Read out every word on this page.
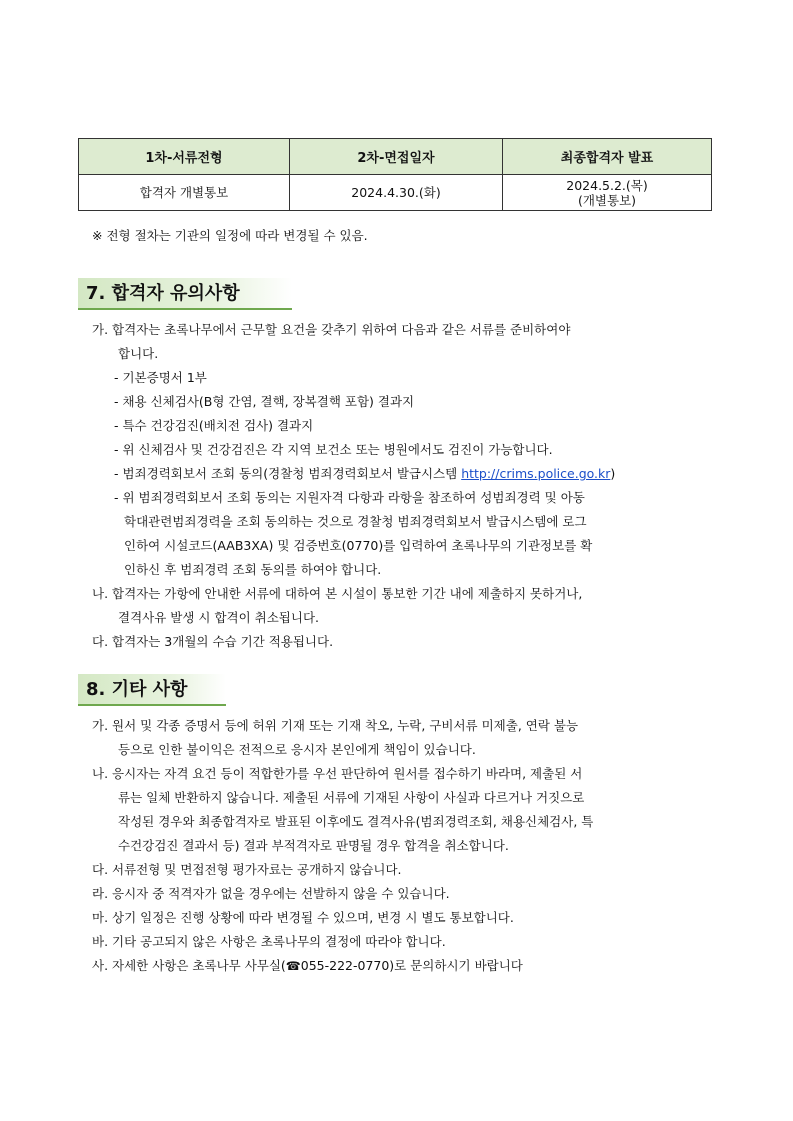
1차-서류전형	2차-면접일자	최종합격자 발표
합격자 개별통보	2024.4.30.(화)	2024.5.2.(목)
(개별통보)
※ 전형 절차는 기관의 일정에 따라 변경될 수 있음.
7. 합격자 유의사항
가. 합격자는 초록나무에서 근무할 요건을 갖추기 위하여 다음과 같은 서류를 준비하여야
합니다.
- 기본증명서 1부
- 채용 신체검사(B형 간염, 결핵, 장복결핵 포함) 결과지
- 특수 건강검진(배치전 검사) 결과지
- 위 신체검사 및 건강검진은 각 지역 보건소 또는 병원에서도 검진이 가능합니다.
- 범죄경력회보서 조회 동의(경찰청 범죄경력회보서 발급시스템 http://crims.police.go.kr)
- 위 범죄경력회보서 조회 동의는 지원자격 다항과 라항을 참조하여 성범죄경력 및 아동
학대관련범죄경력을 조회 동의하는 것으로 경찰청 범죄경력회보서 발급시스템에 로그
인하여 시설코드(AAB3XA) 및 검증번호(0770)를 입력하여 초록나무의 기관정보를 확
인하신 후 범죄경력 조회 동의를 하여야 합니다.
나. 합격자는 가항에 안내한 서류에 대하여 본 시설이 통보한 기간 내에 제출하지 못하거나,
결격사유 발생 시 합격이 취소됩니다.
다. 합격자는 3개월의 수습 기간 적용됩니다.
8. 기타 사항
가. 원서 및 각종 증명서 등에 허위 기재 또는 기재 착오, 누락, 구비서류 미제출, 연락 불능
등으로 인한 불이익은 전적으로 응시자 본인에게 책임이 있습니다.
나. 응시자는 자격 요건 등이 적합한가를 우선 판단하여 원서를 접수하기 바라며, 제출된 서
류는 일체 반환하지 않습니다. 제출된 서류에 기재된 사항이 사실과 다르거나 거짓으로
작성된 경우와 최종합격자로 발표된 이후에도 결격사유(범죄경력조회, 채용신체검사, 특
수건강검진 결과서 등) 결과 부적격자로 판명될 경우 합격을 취소합니다.
다. 서류전형 및 면접전형 평가자료는 공개하지 않습니다.
라. 응시자 중 적격자가 없을 경우에는 선발하지 않을 수 있습니다.
마. 상기 일정은 진행 상황에 따라 변경될 수 있으며, 변경 시 별도 통보합니다.
바. 기타 공고되지 않은 사항은 초록나무의 결정에 따라야 합니다.
사. 자세한 사항은 초록나무 사무실(☎055-222-0770)로 문의하시기 바랍니다
